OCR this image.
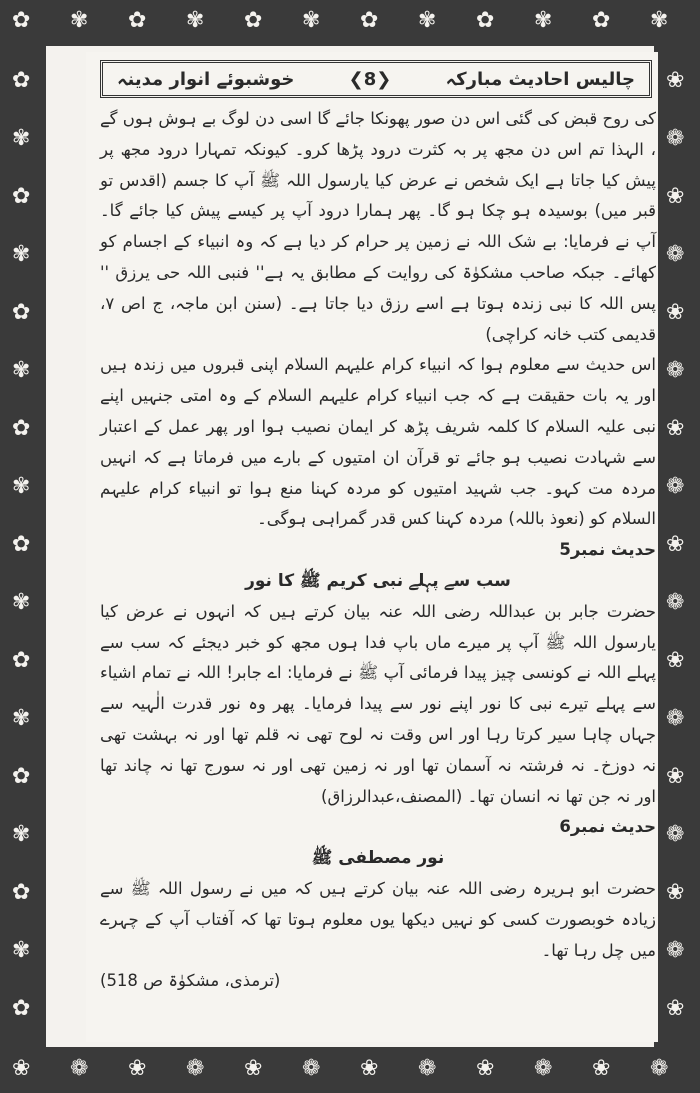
چالیس احادیث مبارکہ
❮8❯
خوشبوئے انوار مدینہ

کی روح قبض کی گئی اس دن صور پھونکا جائے گا اسی دن لوگ بے ہوش ہوں گے ، الہذا تم اس دن مجھ پر بہ کثرت درود پڑھا کرو۔ کیونکہ تمہارا درود مجھ پر پیش کیا جاتا ہے ایک شخص نے عرض کیا یارسول اللہ ﷺ آپ کا جسم (اقدس تو قبر میں) بوسیدہ ہو چکا ہو گا۔ پھر ہمارا درود آپ پر کیسے پیش کیا جائے گا۔ آپ نے فرمایا: بے شک اللہ نے زمین پر حرام کر دیا ہے کہ وہ انبیاء کے اجسام کو کھائے۔ جبکہ صاحب مشکوٰۃ کی روایت کے مطابق یہ ہے'' فنبی اللہ حی یرزق '' پس اللہ کا نبی زندہ ہوتا ہے اسے رزق دیا جاتا ہے۔ (سنن ابن ماجہ، ج اص ۷، قدیمی کتب خانہ کراچی)

اس حدیث سے معلوم ہوا کہ انبیاء کرام علیہم السلام اپنی قبروں میں زندہ ہیں اور یہ بات حقیقت ہے کہ جب انبیاء کرام علیہم السلام کے وہ امتی جنہیں اپنے نبی علیہ السلام کا کلمہ شریف پڑھ کر ایمان نصیب ہوا اور پھر عمل کے اعتبار سے شہادت نصیب ہو جائے تو قرآن ان امتیوں کے بارے میں فرماتا ہے کہ انہیں مردہ مت کہو۔ جب شہید امتیوں کو مردہ کہنا منع ہوا تو انبیاء کرام علیہم السلام کو (نعوذ باللہ) مردہ کہنا کس قدر گمراہی ہوگی۔

حدیث نمبر5

سب سے پہلے نبی کریم ﷺ کا نور

حضرت جابر بن عبداللہ رضی اللہ عنہ بیان کرتے ہیں کہ انہوں نے عرض کیا یارسول اللہ ﷺ آپ پر میرے ماں باپ فدا ہوں مجھ کو خبر دیجئے کہ سب سے پہلے اللہ نے کونسی چیز پیدا فرمائی آپ ﷺ نے فرمایا: اے جابر! اللہ نے تمام اشیاء سے پہلے تیرے نبی کا نور اپنے نور سے پیدا فرمایا۔ پھر وہ نور قدرت الٰہیہ سے جہاں چاہا سیر کرتا رہا اور اس وقت نہ لوح تھی نہ قلم تھا اور نہ بہشت تھی نہ دوزخ۔ نہ فرشتہ نہ آسمان تھا اور نہ زمین تھی اور نہ سورج تھا نہ چاند تھا اور نہ جن تھا نہ انسان تھا۔ (المصنف،عبدالرزاق)

حدیث نمبر6

نور مصطفی ﷺ

حضرت ابو ہریرہ رضی اللہ عنہ بیان کرتے ہیں کہ میں نے رسول اللہ ﷺ سے زیادہ خوبصورت کسی کو نہیں دیکھا یوں معلوم ہوتا تھا کہ آفتاب آپ کے چہرے میں چل رہا تھا۔

(ترمذی، مشکوٰۃ ص 518)

✿
❀
✾
❁
✿
❀
✾
❁
✿
❀
✾
❁
✿
❀
✾
❁
✿
❀
✾
❁
✿
❀
✾
❁
✿	❀
✾	❁
✿	❀
✾	❁
✿	❀
✾	❁
✿	❀
✾	❁
✿	❀
✾	❁
✿	❀
✾	❁
✿	❀
✾	❁
✿	❀
✾	❁
✿	❀
